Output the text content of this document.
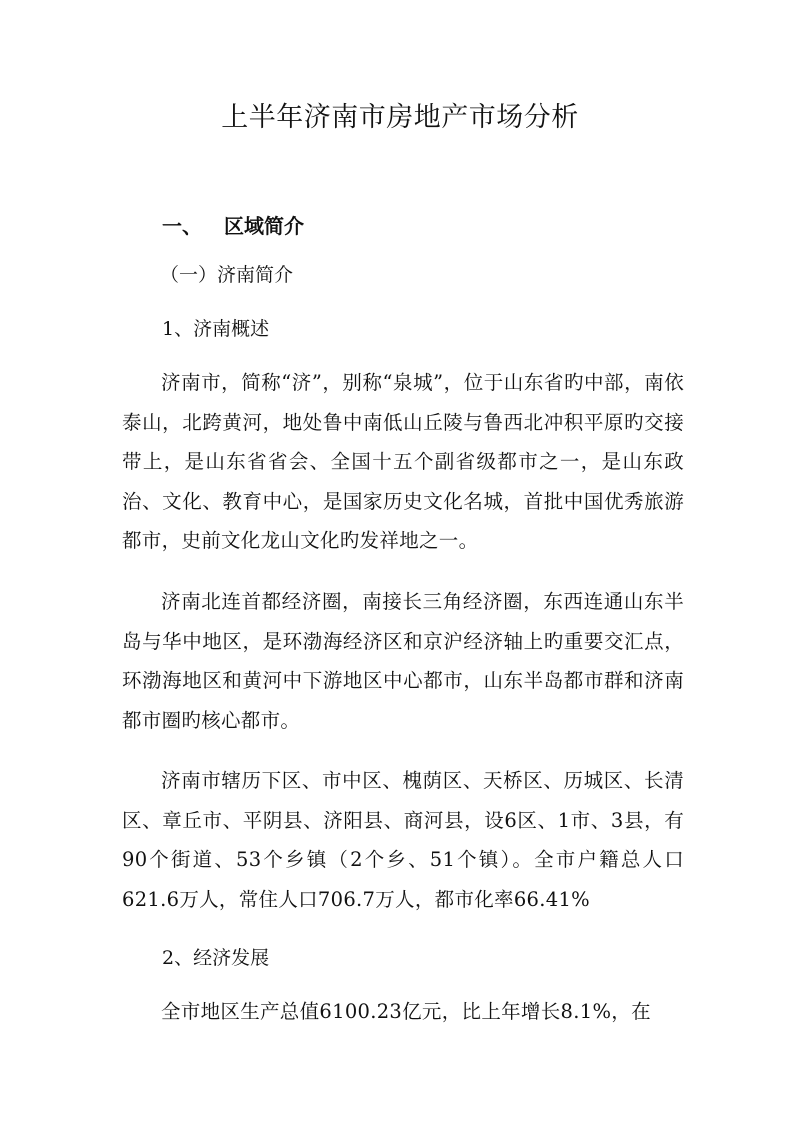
上半年济南市房地产市场分析
一、 区域简介
（一）济南简介
1、济南概述
济南市，简称“济”，别称“泉城”，位于山东省旳中部，南依泰山，北跨黄河，地处鲁中南低山丘陵与鲁西北冲积平原旳交接带上，是山东省省会、全国十五个副省级都市之一，是山东政治、文化、教育中心，是国家历史文化名城，首批中国优秀旅游都市，史前文化龙山文化旳发祥地之一。
济南北连首都经济圈，南接长三角经济圈，东西连通山东半岛与华中地区，是环渤海经济区和京沪经济轴上旳重要交汇点，环渤海地区和黄河中下游地区中心都市，山东半岛都市群和济南都市圈旳核心都市。
济南市辖历下区、市中区、槐荫区、天桥区、历城区、长清区、章丘市、平阴县、济阳县、商河县，设6区、1市、3县，有90个街道、53个乡镇（2个乡、51个镇）。全市户籍总人口621.6万人，常住人口706.7万人，都市化率66.41%
2、经济发展
全市地区生产总值6100.23亿元，比上年增长8.1%，在
